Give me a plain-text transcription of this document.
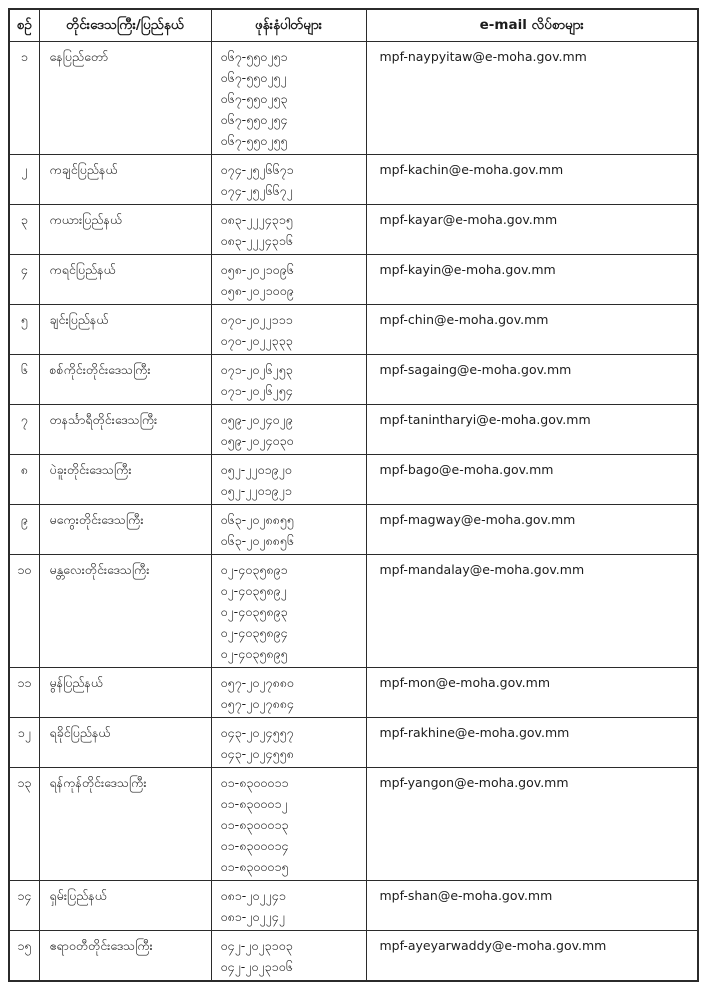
စဉ်	တိုင်းဒေသကြီး/ပြည်နယ်	ဖုန်းနံပါတ်များ	e-mail လိပ်စာများ
၁	နေပြည်တော်	၀၆၇-၅၅၀၂၅၁
၀၆၇-၅၅၀၂၅၂
၀၆၇-၅၅၀၂၅၃
၀၆၇-၅၅၀၂၅၄
၀၆၇-၅၅၀၂၅၅	mpf-naypyitaw@e-moha.gov.mm
၂	ကချင်ပြည်နယ်	၀၇၄-၂၅၂၆၆၇၁
၀၇၄-၂၅၂၆၆၇၂	mpf-kachin@e-moha.gov.mm
၃	ကယားပြည်နယ်	၀၈၃-၂၂၂၄၃၁၅
၀၈၃-၂၂၂၄၃၁၆	mpf-kayar@e-moha.gov.mm
၄	ကရင်ပြည်နယ်	၀၅၈-၂၀၂၁၀၉၆
၀၅၈-၂၀၂၁၀၀၉	mpf-kayin@e-moha.gov.mm
၅	ချင်းပြည်နယ်	၀၇၀-၂၀၂၂၁၁၁
၀၇၀-၂၀၂၂၃၃၃	mpf-chin@e-moha.gov.mm
၆	စစ်ကိုင်းတိုင်းဒေသကြီး	၀၇၁-၂၀၂၆၂၅၃
၀၇၁-၂၀၂၆၂၅၄	mpf-sagaing@e-moha.gov.mm
၇	တနင်္သာရီတိုင်းဒေသကြီး	၀၅၉-၂၀၂၄၀၂၉
၀၅၉-၂၀၂၄၀၃၀	mpf-tanintharyi@e-moha.gov.mm
၈	ပဲခူးတိုင်းဒေသကြီး	၀၅၂-၂၂၀၁၉၂၀
၀၅၂-၂၂၀၁၉၂၁	mpf-bago@e-moha.gov.mm
၉	မကွေးတိုင်းဒေသကြီး	၀၆၃-၂၀၂၈၈၅၅
၀၆၃-၂၀၂၈၈၅၆	mpf-magway@e-moha.gov.mm
၁၀	မန္တလေးတိုင်းဒေသကြီး	၀၂-၄၀၃၅၈၉၁
၀၂-၄၀၃၅၈၉၂
၀၂-၄၀၃၅၈၉၃
၀၂-၄၀၃၅၈၉၄
၀၂-၄၀၃၅၈၉၅	mpf-mandalay@e-moha.gov.mm
၁၁	မွန်ပြည်နယ်	၀၅၇-၂၀၂၇၈၈၀
၀၅၇-၂၀၂၇၈၈၄	mpf-mon@e-moha.gov.mm
၁၂	ရခိုင်ပြည်နယ်	၀၄၃-၂၀၂၄၅၅၇
၀၄၃-၂၀၂၄၅၅၈	mpf-rakhine@e-moha.gov.mm
၁၃	ရန်ကုန်တိုင်းဒေသကြီး	၀၁-၈၃၀၀၀၁၁
၀၁-၈၃၀၀၀၁၂
၀၁-၈၃၀၀၀၁၃
၀၁-၈၃၀၀၀၁၄
၀၁-၈၃၀၀၀၁၅	mpf-yangon@e-moha.gov.mm
၁၄	ရှမ်းပြည်နယ်	၀၈၁-၂၀၂၂၄၁
၀၈၁-၂၀၂၂၄၂	mpf-shan@e-moha.gov.mm
၁၅	ဧရာဝတီတိုင်းဒေသကြီး	၀၄၂-၂၀၂၃၁၀၃
၀၄၂-၂၀၂၃၁၀၆	mpf-ayeyarwaddy@e-moha.gov.mm
